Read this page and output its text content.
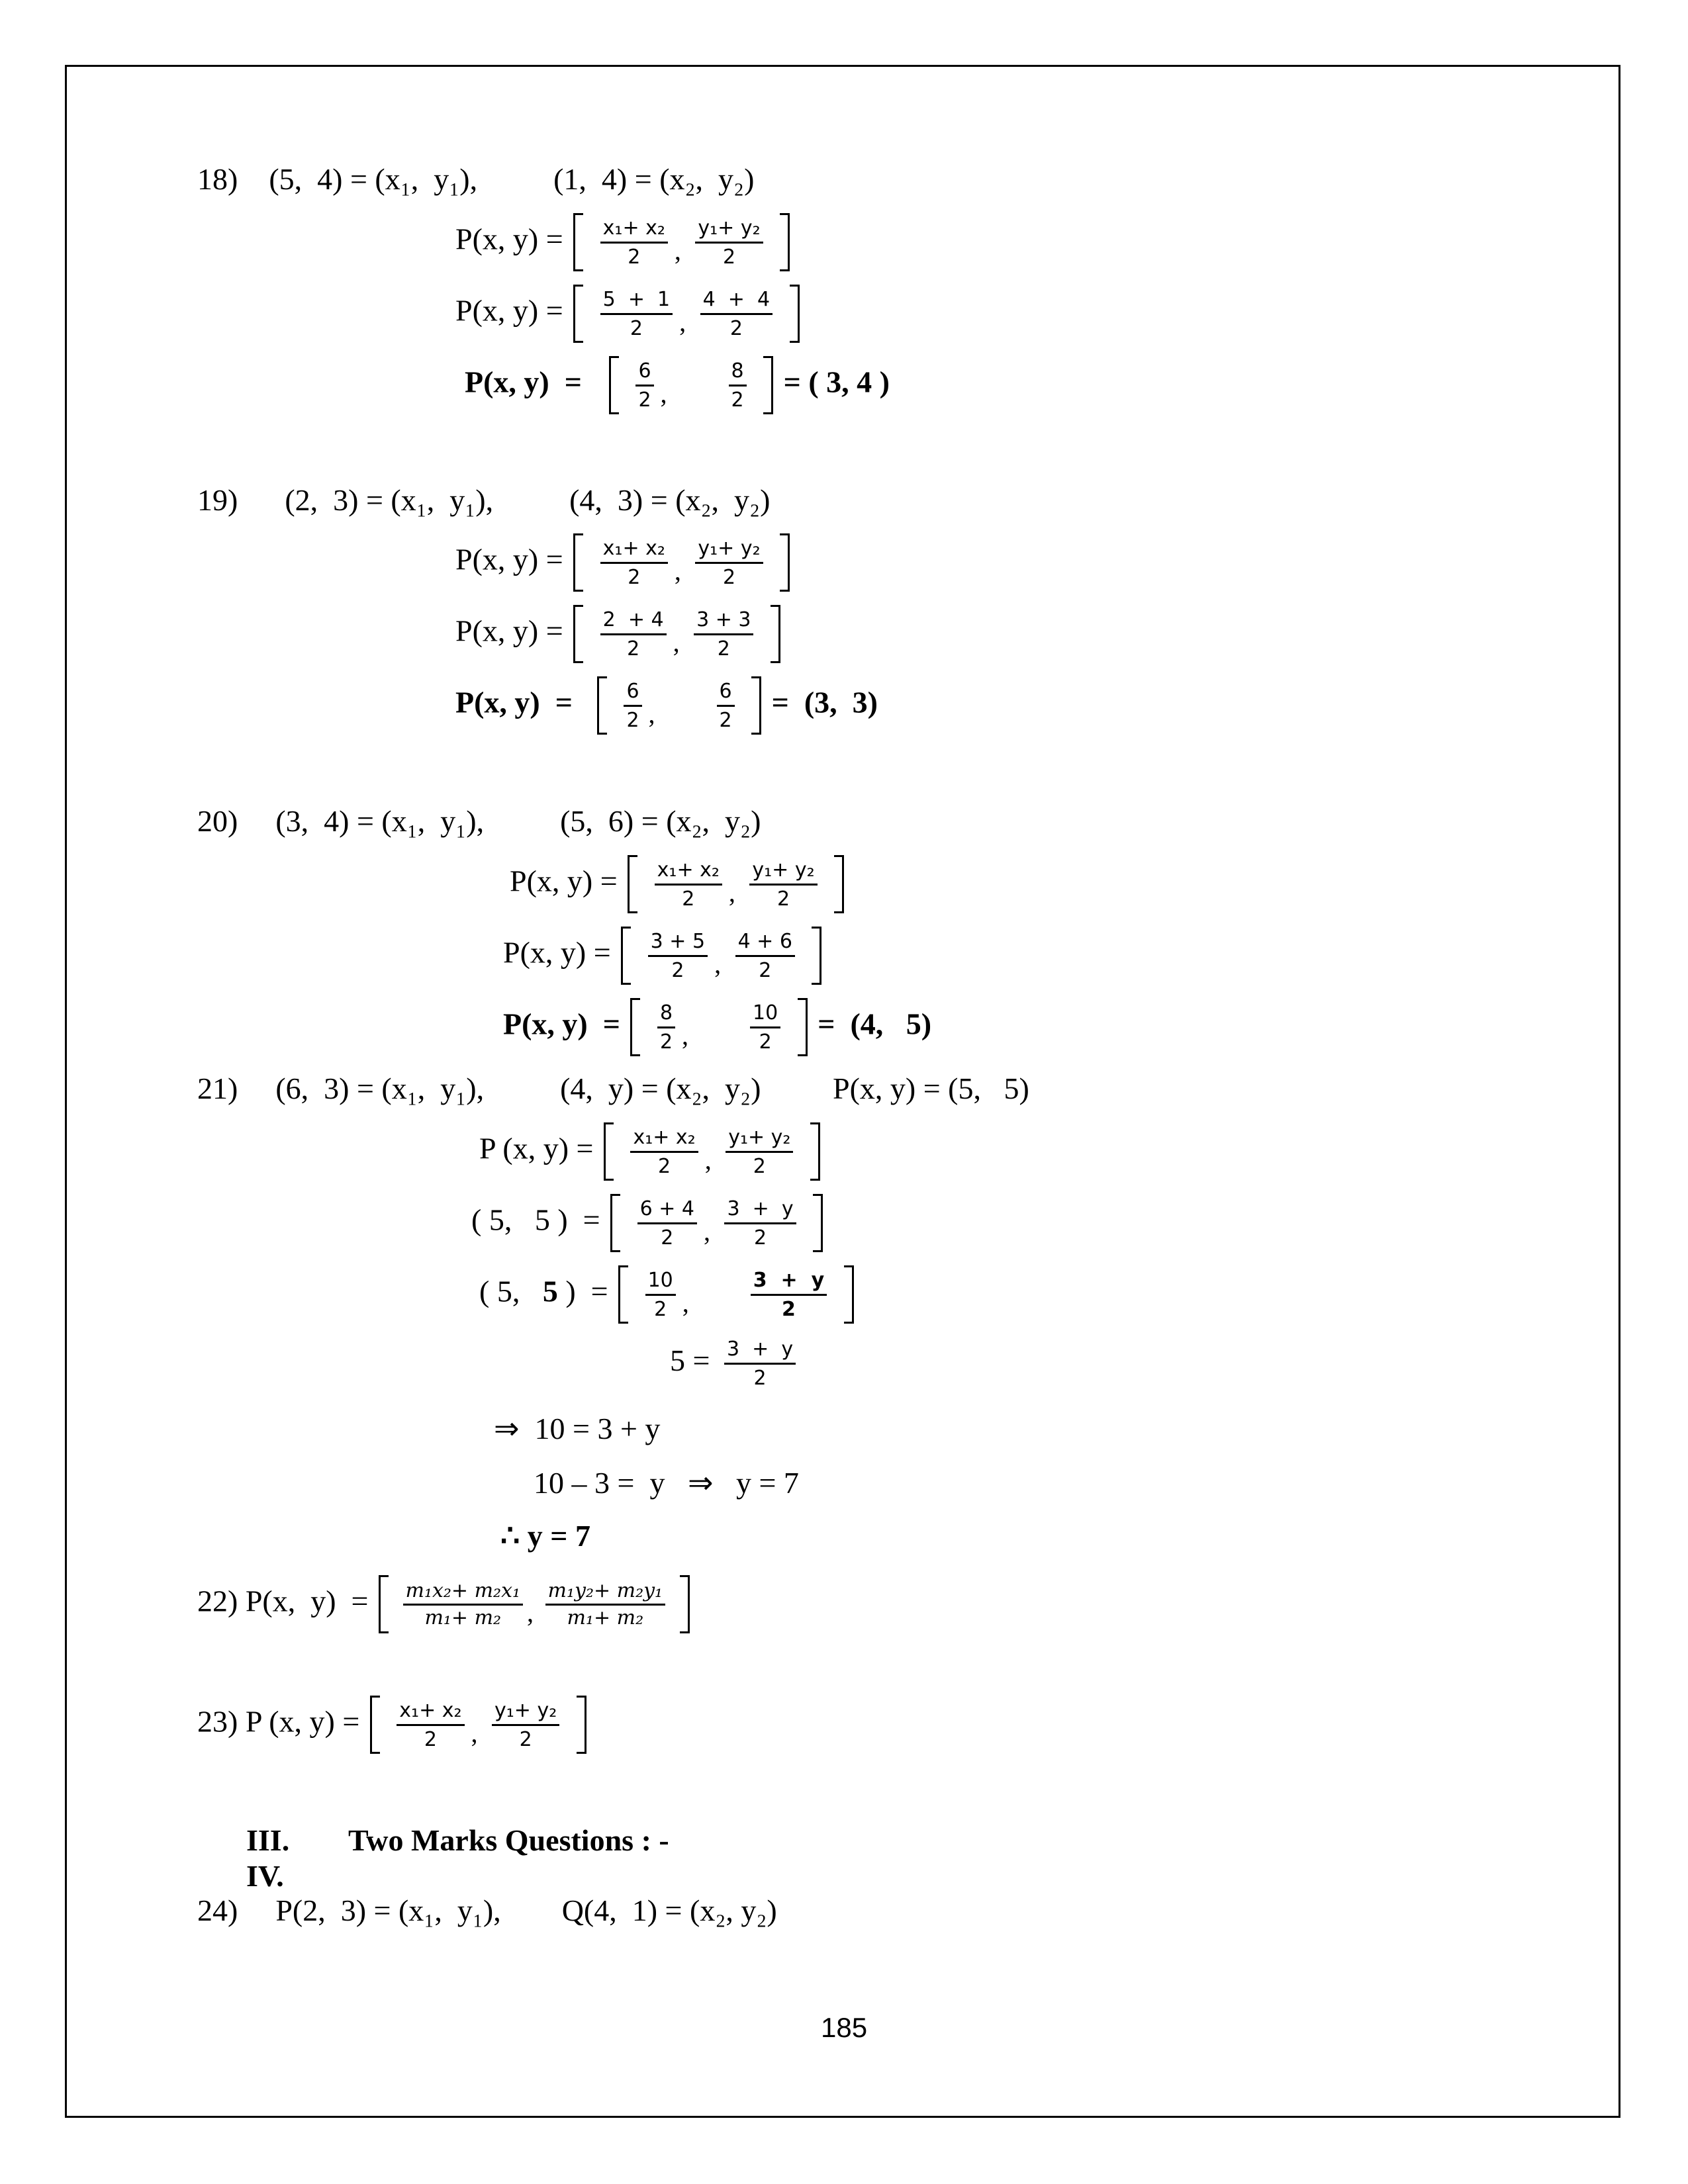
18) (5,  4) = (x₁,  y₁),          (1,  4) = (x₂,  y₂)
P(x, $y) = \frac{\text{x₁+ x₂}}{2}$ , $\frac{\text{y₁+ y₂}}{2}$

P(x, $y) = \frac{5 + 1}{2}$ , $\frac{4 + 4}{2}$

P(x, y)  =	$\frac{6}{2}$ ,	$\frac{8}{2}$ = ( 3, 4 )
19) (2,  3) = (x₁,  y₁),          (4,  3) = (x₂,  y₂)
P(x, $y) = \frac{\text{x₁+ x₂}}{2}$ , $\frac{\text{y₁+ y₂}}{2}$

P(x, $y) = \frac{2 + 4}{2}$ , $\frac{3 + 3}{2}$

P(x, $y) = \frac{6}{2}$ ,	$\frac{6}{2} = (3$,  3)
20) (3,  4) = (x₁,  y₁),          (5,  6) = (x₂,  y₂)
P(x, $y) = \frac{\text{x₁+ x₂}}{2}$ , $\frac{\text{y₁+ y₂}}{2}$

P(x, $y) = \frac{3 + 5}{2}$ , $\frac{4 + 6}{2}$

P(x, $y) = \frac{8}{2}$ ,	$\frac{10}{2} = (4$,   5)
21) (6,  3) = (x₁,  y₁),          (4,  y) = (x₂,  y₂) P(x, y) = (5,   5)
P (x, $y) = \frac{\text{x₁+ x₂}}{2}$ , $\frac{\text{y₁+ y₂}}{2}$

( 5,   5 )  = $\frac{6 + 4}{2}$ , $\frac{3 + y}{2}$

( 5,   5 )  = $\frac{10}{2}$ ,	$\frac{3 + y}{2}$

$5 = \frac{3 + y}{2}$
⇒  10 = 3 + y
10 – 3 =  y   ⇒   y = 7
∴ y = 7
22) P(x,  $y) = \frac{\text{m₁x₂+ m₂x₁}}{\text{m₁+ m₂}}$ , $\frac{\text{m₁y₂+ m₂y₁}}{\text{m₁+ m₂}}$

23) P (x, $y) = \frac{\text{x₁+ x₂}}{2}$ , $\frac{\text{y₁+ y₂}}{2}$

III. Two Marks Questions : -
IV.
24) P(2,  3) = (x₁,  y₁),        Q(4,  1) = (x₂, y₂)
185
